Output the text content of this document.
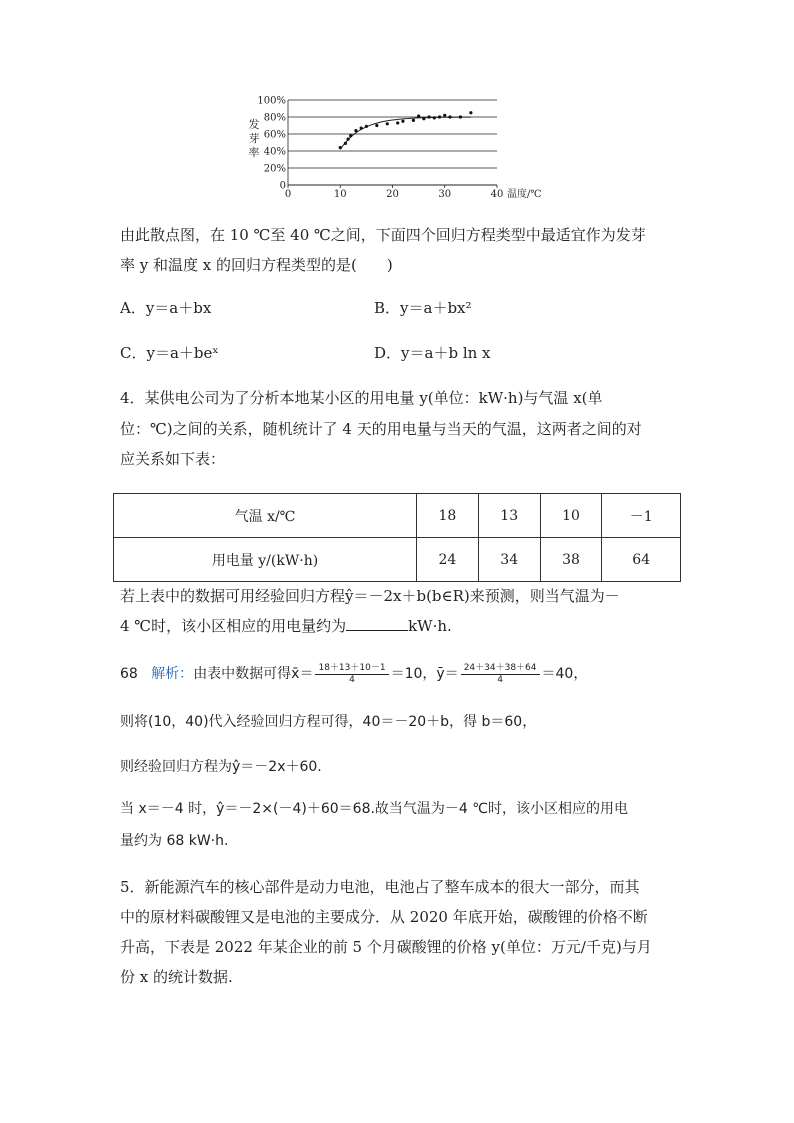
100%
80%
60%
40%
20%
0
0	10	20	30	40 温度/℃
发芽率
由此散点图，在 10 ℃至 40 ℃之间，下面四个回归方程类型中最适宜作为发芽
率 y 和温度 x 的回归方程类型的是(　　)
A．y＝a＋bx	B．y＝a＋bx²
C．y＝a＋beˣ	D．y＝a＋b ln x
4．某供电公司为了分析本地某小区的用电量 y(单位：kW·h)与气温 x(单
位：℃)之间的关系，随机统计了 4 天的用电量与当天的气温，这两者之间的对
应关系如下表：
气温 x/℃	18	13	10	－1
用电量 y/(kW·h)	24	34	38	64
若上表中的数据可用经验回归方程ŷ＝－2x＋b(b∈R)来预测，则当气温为－
4 ℃时，该小区相应的用电量约为	kW·h.
68 解析：由表中数据可得x̄＝ $\frac{18+13+10-1}{4} =10$，ȳ＝ $\frac{24+34+38+64}{4} =40$，
则将(10，40)代入经验回归方程可得，40＝－20＋b，得 b＝60，
则经验回归方程为ŷ＝－2x＋60.
当 x＝－4 时，ŷ＝－2×(－4)＋60＝68.故当气温为－4 ℃时，该小区相应的用电
量约为 68 kW·h.
5．新能源汽车的核心部件是动力电池，电池占了整车成本的很大一部分，而其
中的原材料碳酸锂又是电池的主要成分．从 2020 年底开始，碳酸锂的价格不断
升高，下表是 2022 年某企业的前 5 个月碳酸锂的价格 y(单位：万元/千克)与月
份 x 的统计数据.
